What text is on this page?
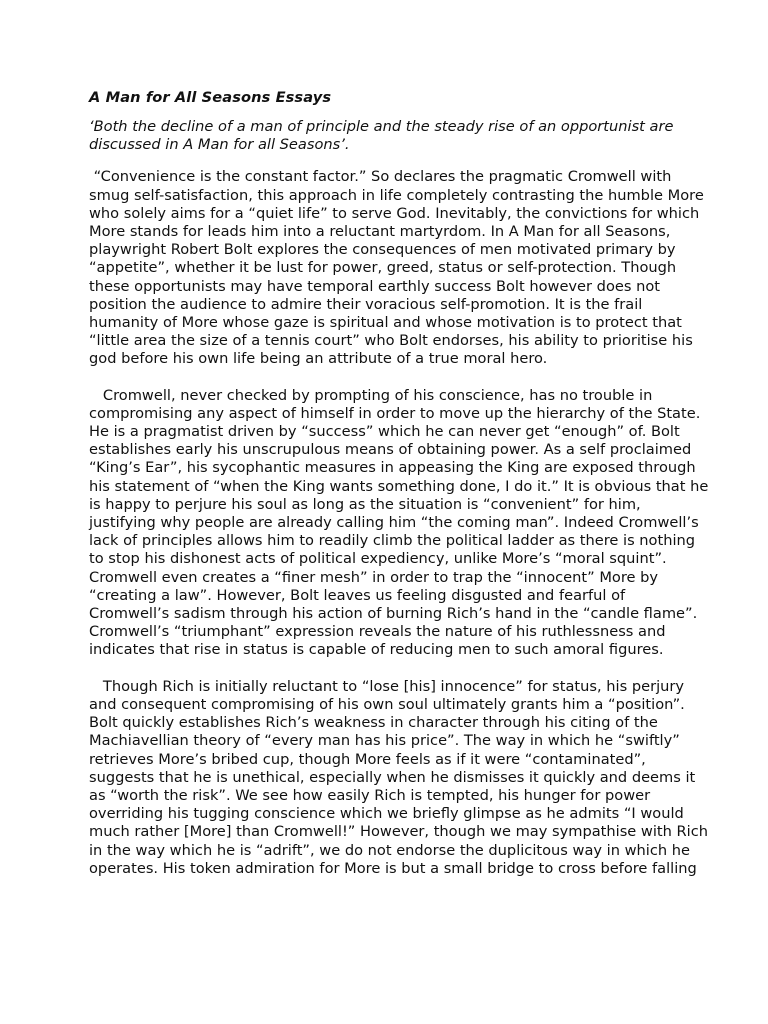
A Man for All Seasons Essays
‘Both the decline of a man of principle and the steady rise of an opportunist are
discussed in A Man for all Seasons’.
“Convenience is the constant factor.” So declares the pragmatic Cromwell with
smug self-satisfaction, this approach in life completely contrasting the humble More
who solely aims for a “quiet life” to serve God. Inevitably, the convictions for which
More stands for leads him into a reluctant martyrdom. In A Man for all Seasons,
playwright Robert Bolt explores the consequences of men motivated primary by
“appetite”, whether it be lust for power, greed, status or self-protection. Though
these opportunists may have temporal earthly success Bolt however does not
position the audience to admire their voracious self-promotion. It is the frail
humanity of More whose gaze is spiritual and whose motivation is to protect that
“little area the size of a tennis court” who Bolt endorses, his ability to prioritise his
god before his own life being an attribute of a true moral hero.
Cromwell, never checked by prompting of his conscience, has no trouble in
compromising any aspect of himself in order to move up the hierarchy of the State.
He is a pragmatist driven by “success” which he can never get “enough” of. Bolt
establishes early his unscrupulous means of obtaining power. As a self proclaimed
“King’s Ear”, his sycophantic measures in appeasing the King are exposed through
his statement of “when the King wants something done, I do it.” It is obvious that he
is happy to perjure his soul as long as the situation is “convenient” for him,
justifying why people are already calling him “the coming man”. Indeed Cromwell’s
lack of principles allows him to readily climb the political ladder as there is nothing
to stop his dishonest acts of political expediency, unlike More’s “moral squint”.
Cromwell even creates a “finer mesh” in order to trap the “innocent” More by
“creating a law”. However, Bolt leaves us feeling disgusted and fearful of
Cromwell’s sadism through his action of burning Rich’s hand in the “candle flame”.
Cromwell’s “triumphant” expression reveals the nature of his ruthlessness and
indicates that rise in status is capable of reducing men to such amoral figures.
Though Rich is initially reluctant to “lose [his] innocence” for status, his perjury
and consequent compromising of his own soul ultimately grants him a “position”.
Bolt quickly establishes Rich’s weakness in character through his citing of the
Machiavellian theory of “every man has his price”. The way in which he “swiftly”
retrieves More’s bribed cup, though More feels as if it were “contaminated”,
suggests that he is unethical, especially when he dismisses it quickly and deems it
as “worth the risk”. We see how easily Rich is tempted, his hunger for power
overriding his tugging conscience which we briefly glimpse as he admits “I would
much rather [More] than Cromwell!” However, though we may sympathise with Rich
in the way which he is “adrift”, we do not endorse the duplicitous way in which he
operates. His token admiration for More is but a small bridge to cross before falling
